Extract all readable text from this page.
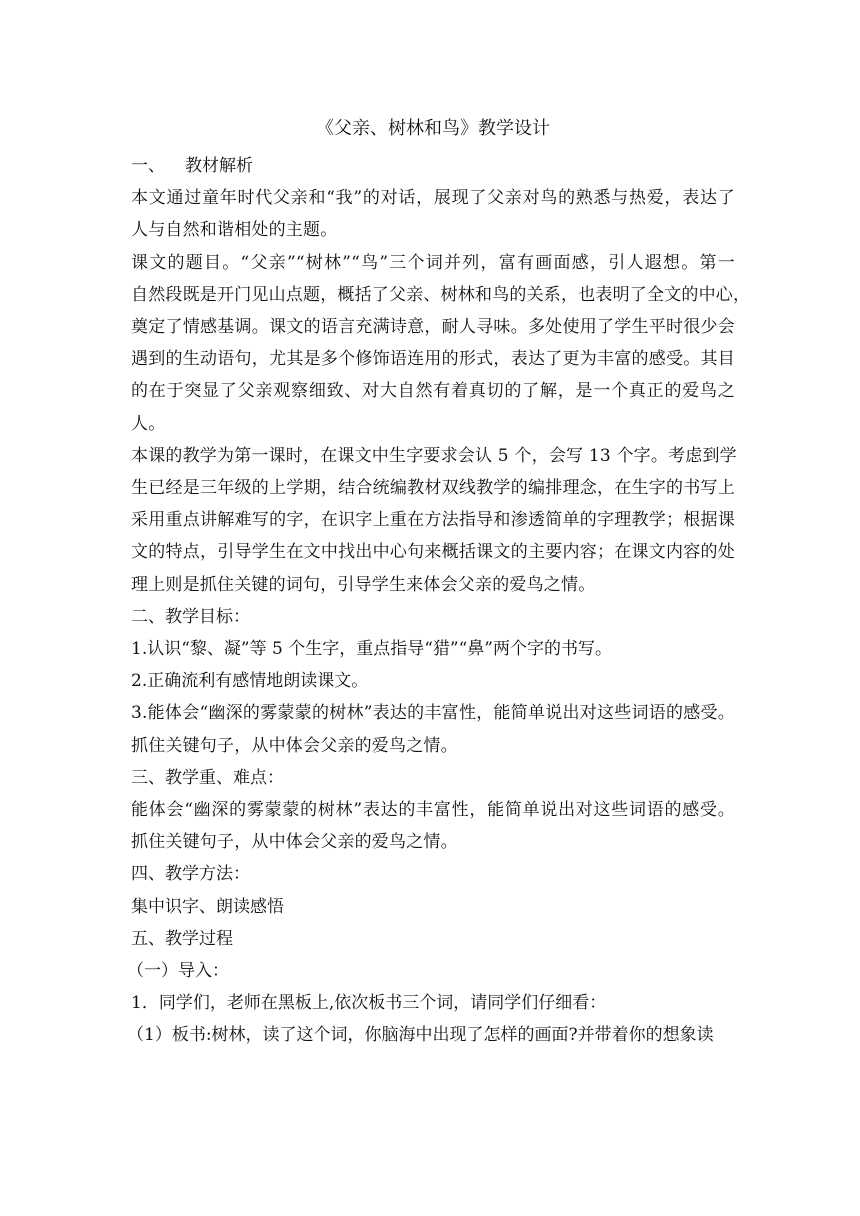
《父亲、树林和鸟》教学设计
一、 教材解析

本文通过童年时代父亲和“我”的对话，展现了父亲对鸟的熟悉与热爱，表达了

人与自然和谐相处的主题。

课文的题目。“父亲”“树林”“鸟”三个词并列，富有画面感，引人遐想。第一

自然段既是开门见山点题，概括了父亲、树林和鸟的关系，也表明了全文的中心，

奠定了情感基调。课文的语言充满诗意，耐人寻味。多处使用了学生平时很少会

遇到的生动语句，尤其是多个修饰语连用的形式，表达了更为丰富的感受。其目

的在于突显了父亲观察细致、对大自然有着真切的了解，是一个真正的爱鸟之

人。

本课的教学为第一课时，在课文中生字要求会认 5 个，会写 13 个字。考虑到学

生已经是三年级的上学期，结合统编教材双线教学的编排理念，在生字的书写上

采用重点讲解难写的字，在识字上重在方法指导和渗透简单的字理教学；根据课

文的特点，引导学生在文中找出中心句来概括课文的主要内容；在课文内容的处

理上则是抓住关键的词句，引导学生来体会父亲的爱鸟之情。

二、教学目标：

1.认识“黎、凝”等 5 个生字，重点指导“猎”“鼻”两个字的书写。

2.正确流利有感情地朗读课文。

3.能体会“幽深的雾蒙蒙的树林”表达的丰富性，能简单说出对这些词语的感受。

抓住关键句子，从中体会父亲的爱鸟之情。

三、教学重、难点：

能体会“幽深的雾蒙蒙的树林”表达的丰富性，能简单说出对这些词语的感受。

抓住关键句子，从中体会父亲的爱鸟之情。

四、教学方法：

集中识字、朗读感悟

五、教学过程

（一）导入：

1．同学们，老师在黑板上,依次板书三个词，请同学们仔细看：

（1）板书:树林，读了这个词，你脑海中出现了怎样的画面?并带着你的想象读
